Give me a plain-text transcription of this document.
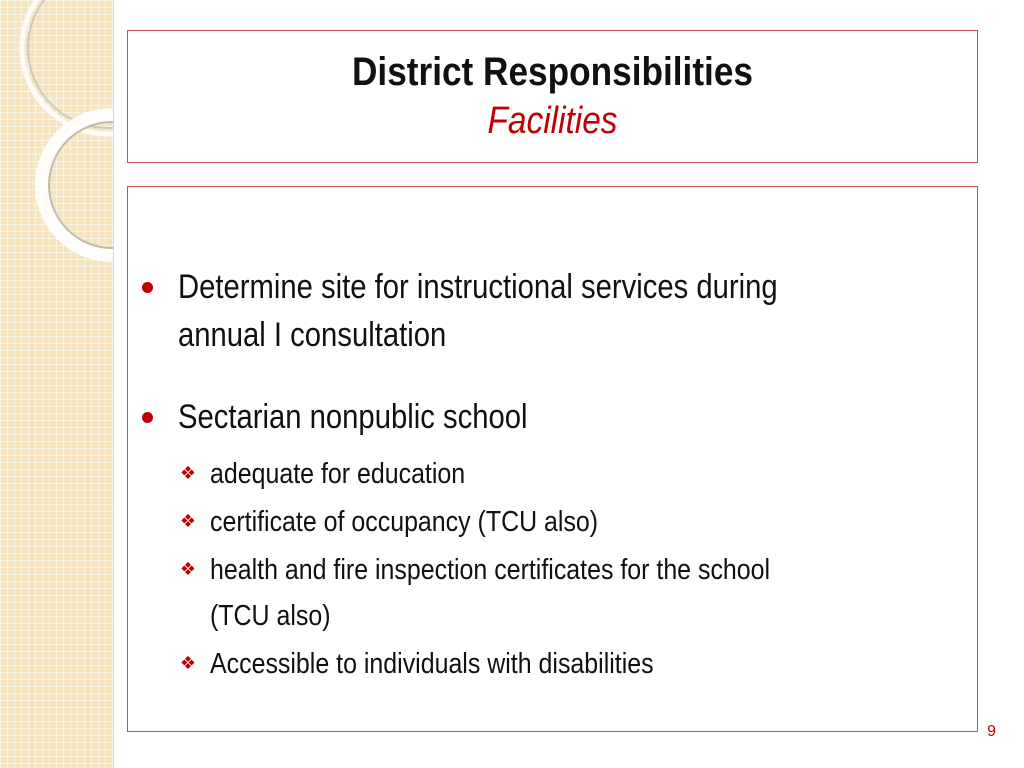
District Responsibilities
Facilities
Determine site for instructional services during
annual I consultation
Sectarian nonpublic school
❖ adequate for education
❖ certificate of occupancy (TCU also)
❖ health and fire inspection certificates for the school
(TCU also)
❖ Accessible to individuals with disabilities
9
